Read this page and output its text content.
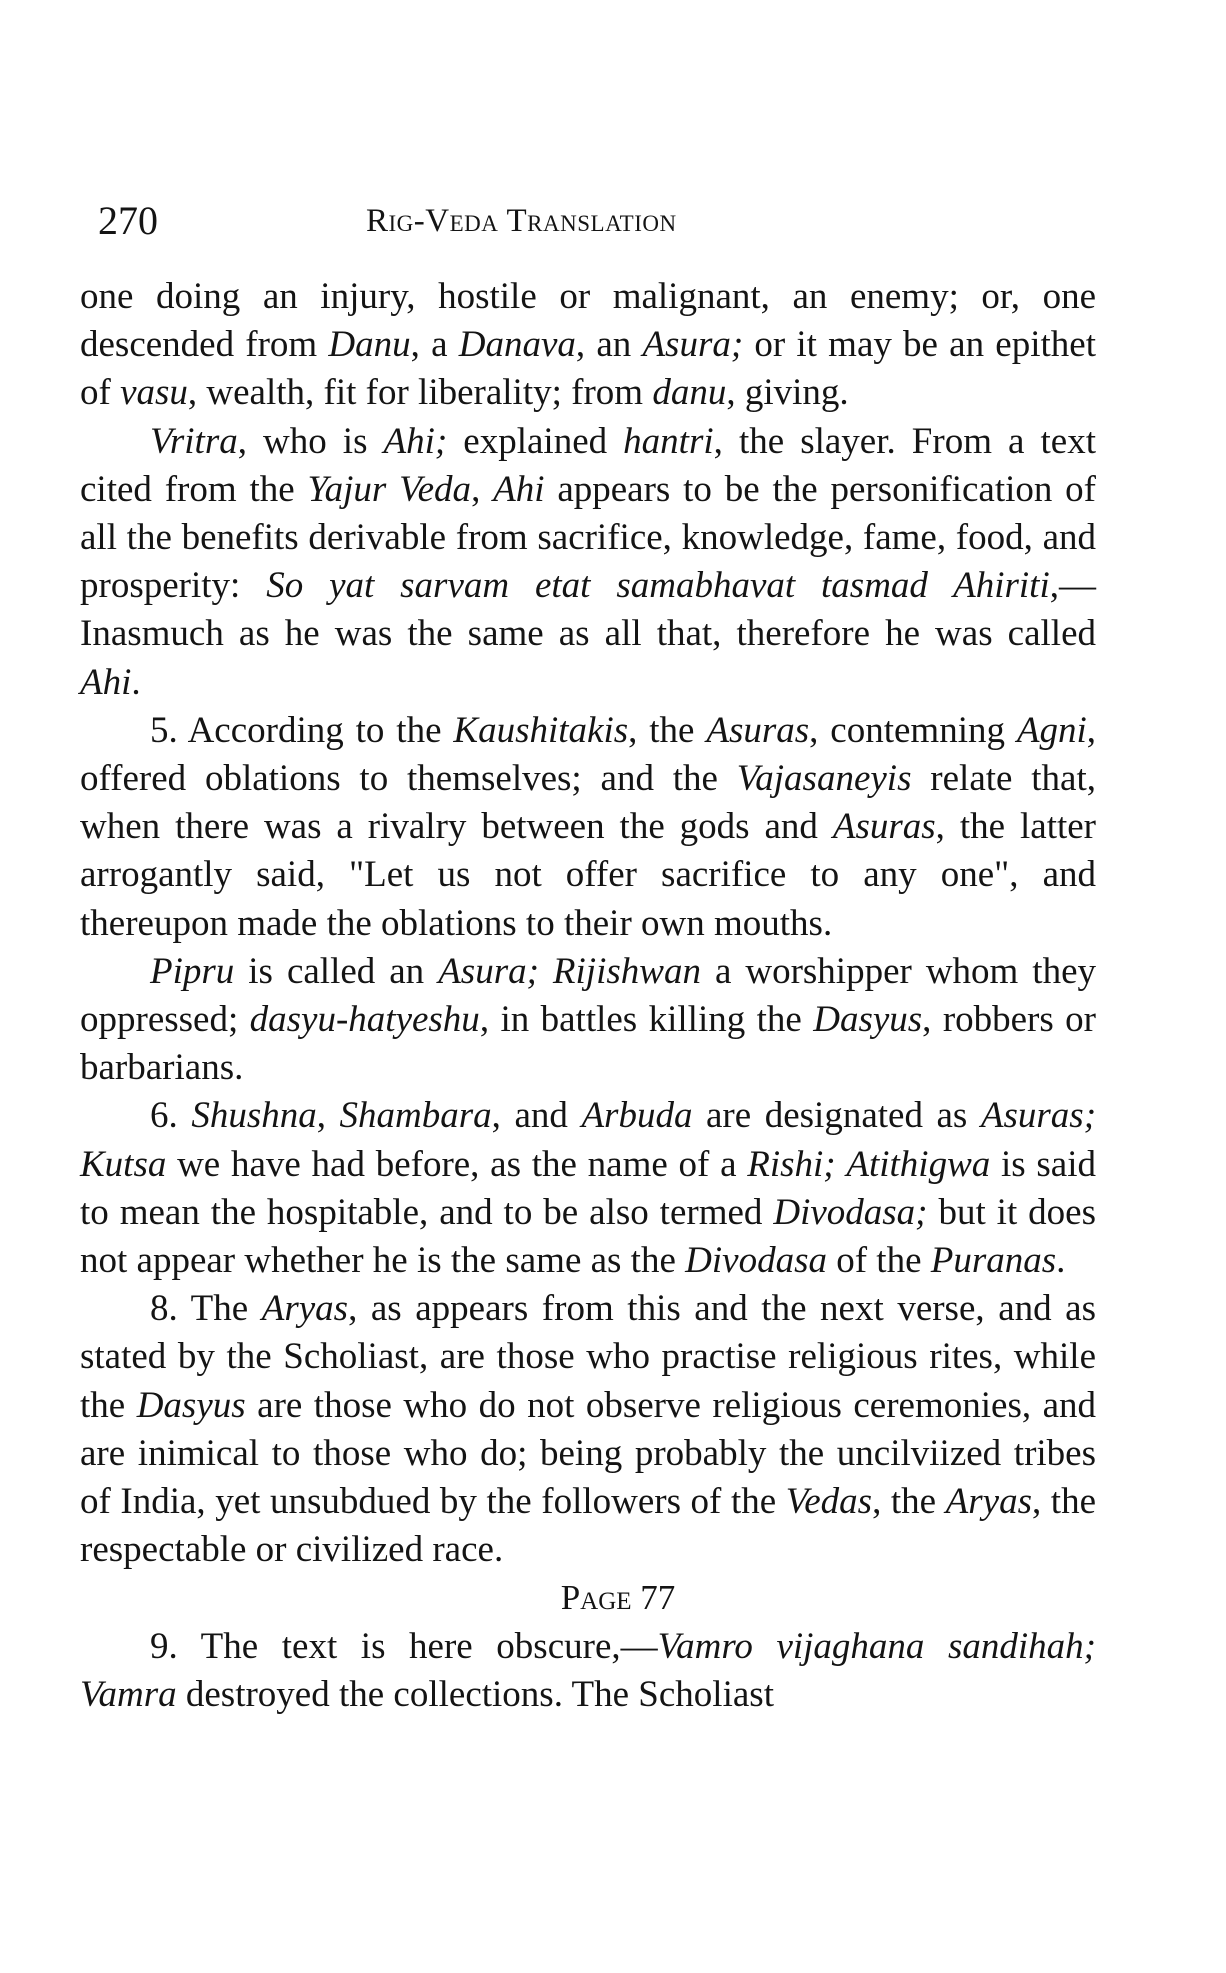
270	Rig-Veda Translation

one doing an injury, hostile or malignant, an enemy; or, one descended from Danu, a Danava, an Asura; or it may be an epithet of vasu, wealth, fit for liberality; from danu, giving.

Vritra, who is Ahi; explained hantri, the slayer. From a text cited from the Yajur Veda, Ahi appears to be the personification of all the benefits derivable from sacrifice, knowledge, fame, food, and prosperity: So yat sarvam etat samabhavat tasmad Ahiriti,—Inasmuch as he was the same as all that, therefore he was called Ahi.

5. According to the Kaushitakis, the Asuras, contemning Agni, offered oblations to themselves; and the Vajasaneyis relate that, when there was a rivalry between the gods and Asuras, the latter arrogantly said, "Let us not offer sacrifice to any one", and thereupon made the oblations to their own mouths.

Pipru is called an Asura; Rijishwan a worshipper whom they oppressed; dasyu-hatyeshu, in battles killing the Dasyus, robbers or barbarians.

6. Shushna, Shambara, and Arbuda are designated as Asuras; Kutsa we have had before, as the name of a Rishi; Atithigwa is said to mean the hospitable, and to be also termed Divodasa; but it does not appear whether he is the same as the Divodasa of the Puranas.

8. The Aryas, as appears from this and the next verse, and as stated by the Scholiast, are those who practise religious rites, while the Dasyus are those who do not observe religious ceremonies, and are inimical to those who do; being probably the uncilviized tribes of India, yet unsubdued by the followers of the Vedas, the Aryas, the respectable or civilized race.

Page 77

9. The text is here obscure,—Vamro vijaghana sandihah; Vamra destroyed the collections. The Scholiast
